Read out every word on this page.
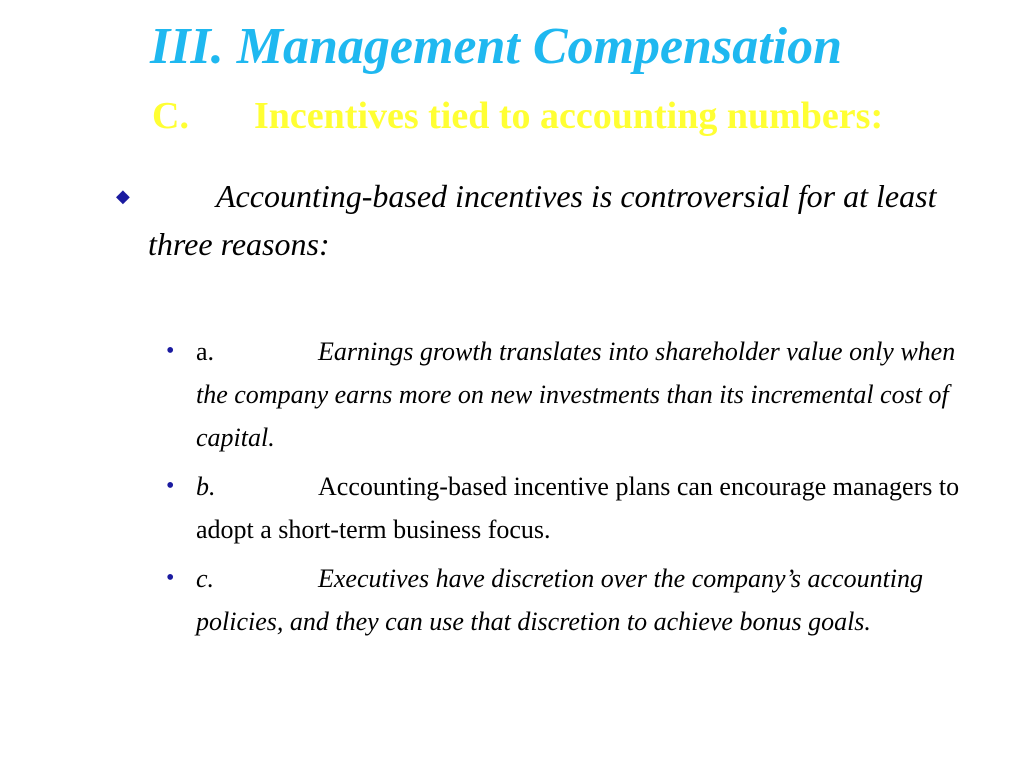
III. Management Compensation
C. Incentives tied to accounting numbers:
◆	Accounting-based incentives is controversial for at least three reasons:
• a.	Earnings growth translates into shareholder value only when the company earns more on new investments than its incremental cost of capital.
• b.	Accounting-based incentive plans can encourage managers to adopt a short-term business focus.
• c.	Executives have discretion over the company’s accounting policies, and they can use that discretion to achieve bonus goals.
